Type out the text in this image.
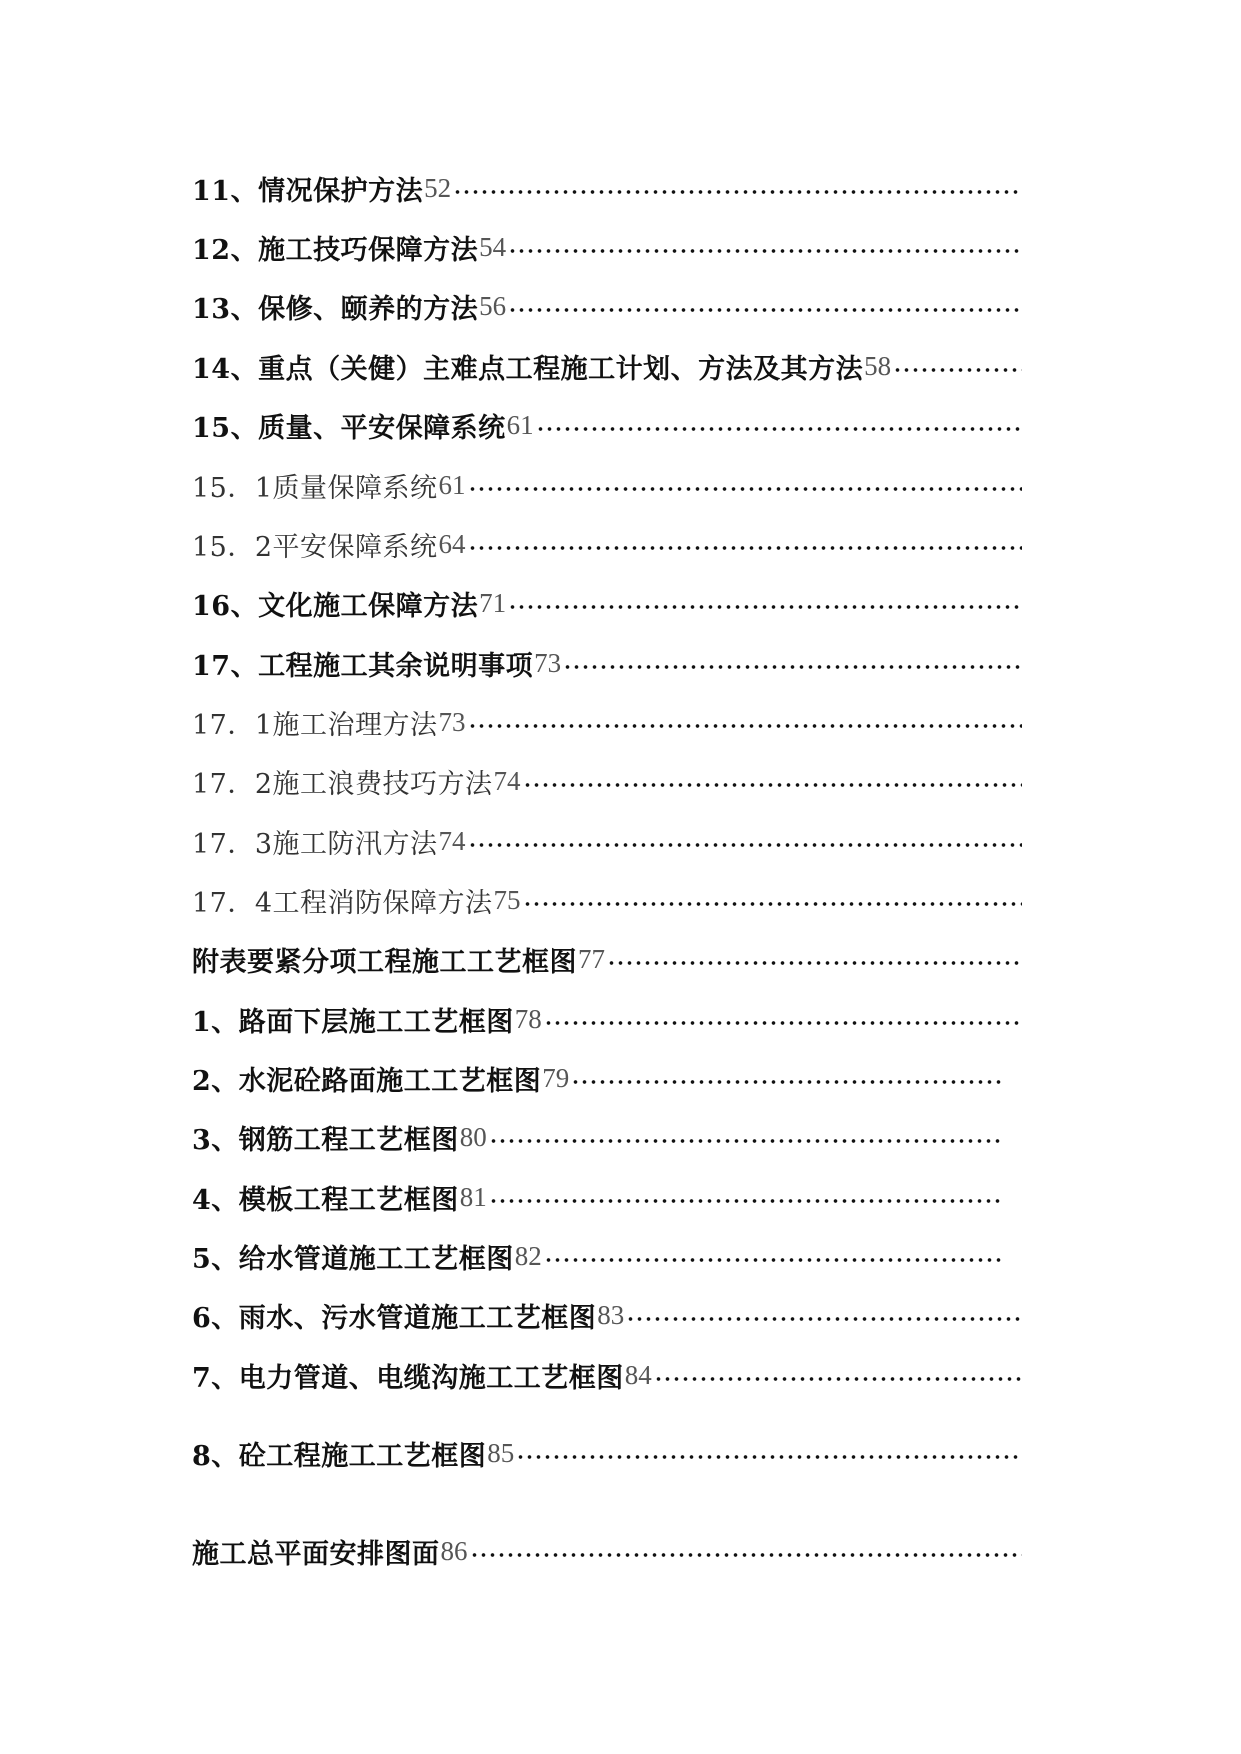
11、情况保护方法 52
12、施工技巧保障方法 54
13、保修、颐养的方法 56
14、重点（关健）主难点工程施工计划、方法及其方法 58
15、质量、平安保障系统 61
15．1质量保障系统 61
15．2平安保障系统 64
16、文化施工保障方法 71
17、工程施工其余说明事项 73
17．1施工治理方法 73
17．2施工浪费技巧方法 74
17．3施工防汛方法 74
17．4工程消防保障方法 75
附表要紧分项工程施工工艺框图 77
1、路面下层施工工艺框图 78
2、水泥砼路面施工工艺框图 79
3、钢筋工程工艺框图 80
4、模板工程工艺框图 81
5、给水管道施工工艺框图 82
6、雨水、污水管道施工工艺框图 83
7、电力管道、电缆沟施工工艺框图 84
8、砼工程施工工艺框图 85
施工总平面安排图面 86
